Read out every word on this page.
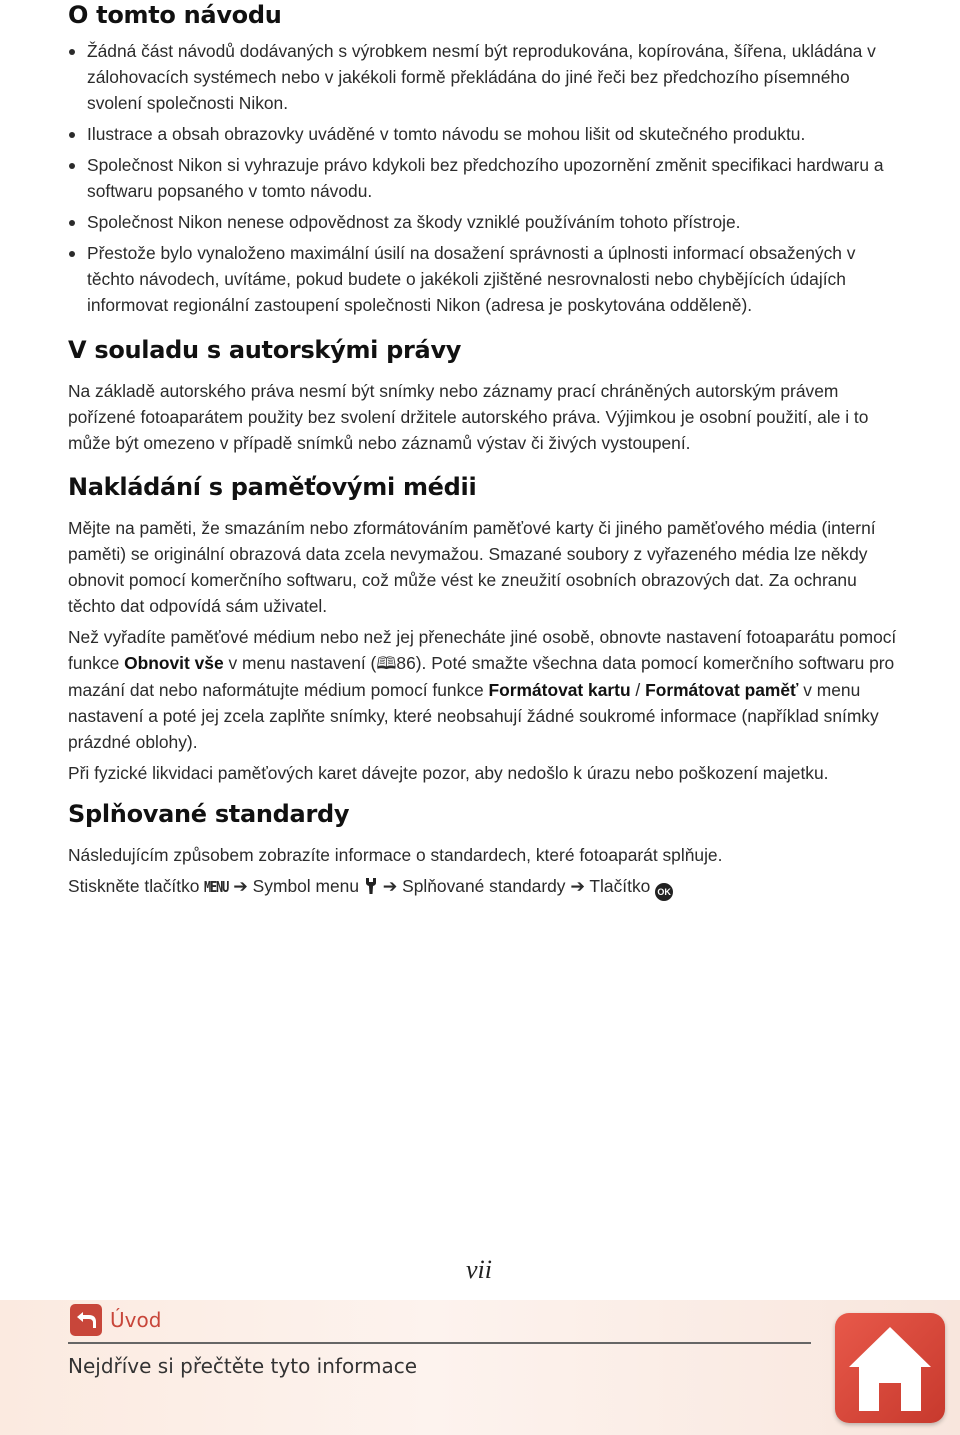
O tomto návodu
Žádná část návodů dodávaných s výrobkem nesmí být reprodukována, kopírována, šířena, ukládána v zálohovacích systémech nebo v jakékoli formě překládána do jiné řeči bez předchozího písemného svolení společnosti Nikon.
Ilustrace a obsah obrazovky uváděné v tomto návodu se mohou lišit od skutečného produktu.
Společnost Nikon si vyhrazuje právo kdykoli bez předchozího upozornění změnit specifikaci hardwaru a softwaru popsaného v tomto návodu.
Společnost Nikon nenese odpovědnost za škody vzniklé používáním tohoto přístroje.
Přestože bylo vynaloženo maximální úsilí na dosažení správnosti a úplnosti informací obsažených v těchto návodech, uvítáme, pokud budete o jakékoli zjištěné nesrovnalosti nebo chybějících údajích informovat regionální zastoupení společnosti Nikon (adresa je poskytována odděleně).
V souladu s autorskými právy

Na základě autorského práva nesmí být snímky nebo záznamy prací chráněných autorským právem pořízené fotoaparátem použity bez svolení držitele autorského práva. Výjimkou je osobní použití, ale i to může být omezeno v případě snímků nebo záznamů výstav či živých vystoupení.

Nakládání s paměťovými médii

Mějte na paměti, že smazáním nebo zformátováním paměťové karty či jiného paměťového média (interní paměti) se originální obrazová data zcela nevymažou. Smazané soubory z vyřazeného média lze někdy obnovit pomocí komerčního softwaru, což může vést ke zneužití osobních obrazových dat. Za ochranu těchto dat odpovídá sám uživatel.

Než vyřadíte paměťové médium nebo než jej přenecháte jiné osobě, obnovte nastavení fotoaparátu pomocí funkce Obnovit vše v menu nastavení (🕮86). Poté smažte všechna data pomocí komerčního softwaru pro mazání dat nebo naformátujte médium pomocí funkce Formátovat kartu / Formátovat paměť v menu nastavení a poté jej zcela zaplňte snímky, které neobsahují žádné soukromé informace (například snímky prázdné oblohy).

Při fyzické likvidaci paměťových karet dávejte pozor, aby nedošlo k úrazu nebo poškození majetku.

Splňované standardy

Následujícím způsobem zobrazíte informace o standardech, které fotoaparát splňuje.

Stiskněte tlačítko MENU ➔ Symbol menu  ➔ Splňované standardy ➔ Tlačítko OK

vii
Úvod
Nejdříve si přečtěte tyto informace
